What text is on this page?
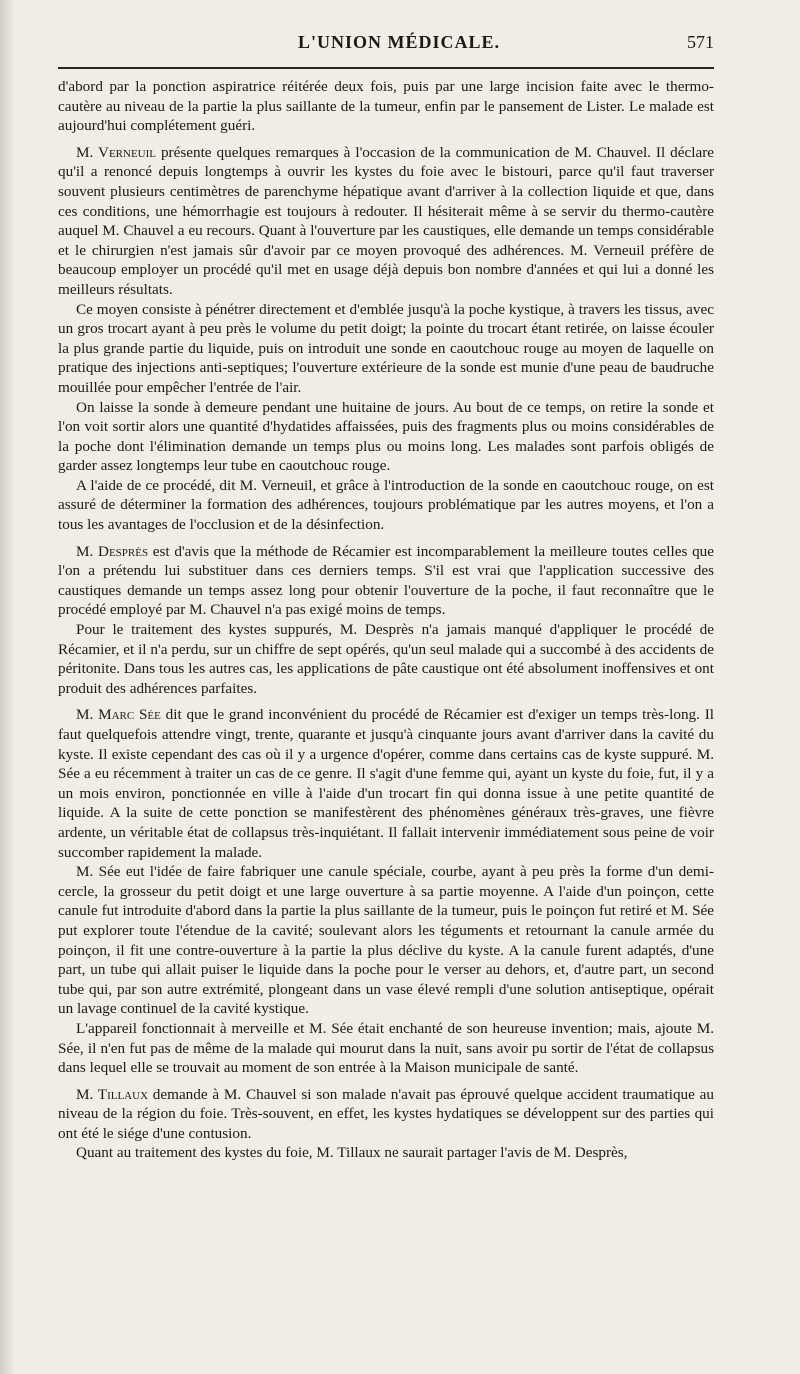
L'UNION MÉDICALE.	571

d'abord par la ponction aspiratrice réitérée deux fois, puis par une large incision faite avec le thermo-cautère au niveau de la partie la plus saillante de la tumeur, enfin par le pansement de Lister. Le malade est aujourd'hui complétement guéri.

M. Verneuil présente quelques remarques à l'occasion de la communication de M. Chauvel. Il déclare qu'il a renoncé depuis longtemps à ouvrir les kystes du foie avec le bistouri, parce qu'il faut traverser souvent plusieurs centimètres de parenchyme hépatique avant d'arriver à la collection liquide et que, dans ces conditions, une hémorrhagie est toujours à redouter. Il hésiterait même à se servir du thermo-cautère auquel M. Chauvel a eu recours. Quant à l'ouverture par les caustiques, elle demande un temps considérable et le chirurgien n'est jamais sûr d'avoir par ce moyen provoqué des adhérences. M. Verneuil préfère de beaucoup employer un procédé qu'il met en usage déjà depuis bon nombre d'années et qui lui a donné les meilleurs résultats.

Ce moyen consiste à pénétrer directement et d'emblée jusqu'à la poche kystique, à travers les tissus, avec un gros trocart ayant à peu près le volume du petit doigt; la pointe du trocart étant retirée, on laisse écouler la plus grande partie du liquide, puis on introduit une sonde en caoutchouc rouge au moyen de laquelle on pratique des injections anti-septiques; l'ouverture extérieure de la sonde est munie d'une peau de baudruche mouillée pour empêcher l'entrée de l'air.

On laisse la sonde à demeure pendant une huitaine de jours. Au bout de ce temps, on retire la sonde et l'on voit sortir alors une quantité d'hydatides affaissées, puis des fragments plus ou moins considérables de la poche dont l'élimination demande un temps plus ou moins long. Les malades sont parfois obligés de garder assez longtemps leur tube en caoutchouc rouge.

A l'aide de ce procédé, dit M. Verneuil, et grâce à l'introduction de la sonde en caoutchouc rouge, on est assuré de déterminer la formation des adhérences, toujours problématique par les autres moyens, et l'on a tous les avantages de l'occlusion et de la désinfection.

M. Desprès est d'avis que la méthode de Récamier est incomparablement la meilleure toutes celles que l'on a prétendu lui substituer dans ces derniers temps. S'il est vrai que l'application successive des caustiques demande un temps assez long pour obtenir l'ouverture de la poche, il faut reconnaître que le procédé employé par M. Chauvel n'a pas exigé moins de temps.

Pour le traitement des kystes suppurés, M. Desprès n'a jamais manqué d'appliquer le procédé de Récamier, et il n'a perdu, sur un chiffre de sept opérés, qu'un seul malade qui a succombé à des accidents de péritonite. Dans tous les autres cas, les applications de pâte caustique ont été absolument inoffensives et ont produit des adhérences parfaites.

M. Marc Sée dit que le grand inconvénient du procédé de Récamier est d'exiger un temps très-long. Il faut quelquefois attendre vingt, trente, quarante et jusqu'à cinquante jours avant d'arriver dans la cavité du kyste. Il existe cependant des cas où il y a urgence d'opérer, comme dans certains cas de kyste suppuré. M. Sée a eu récemment à traiter un cas de ce genre. Il s'agit d'une femme qui, ayant un kyste du foie, fut, il y a un mois environ, ponctionnée en ville à l'aide d'un trocart fin qui donna issue à une petite quantité de liquide. A la suite de cette ponction se manifestèrent des phénomènes généraux très-graves, une fièvre ardente, un véritable état de collapsus très-inquiétant. Il fallait intervenir immédiatement sous peine de voir succomber rapidement la malade.

M. Sée eut l'idée de faire fabriquer une canule spéciale, courbe, ayant à peu près la forme d'un demi-cercle, la grosseur du petit doigt et une large ouverture à sa partie moyenne. A l'aide d'un poinçon, cette canule fut introduite d'abord dans la partie la plus saillante de la tumeur, puis le poinçon fut retiré et M. Sée put explorer toute l'étendue de la cavité; soulevant alors les téguments et retournant la canule armée du poinçon, il fit une contre-ouverture à la partie la plus déclive du kyste. A la canule furent adaptés, d'une part, un tube qui allait puiser le liquide dans la poche pour le verser au dehors, et, d'autre part, un second tube qui, par son autre extrémité, plongeant dans un vase élevé rempli d'une solution antiseptique, opérait un lavage continuel de la cavité kystique.

L'appareil fonctionnait à merveille et M. Sée était enchanté de son heureuse invention; mais, ajoute M. Sée, il n'en fut pas de même de la malade qui mourut dans la nuit, sans avoir pu sortir de l'état de collapsus dans lequel elle se trouvait au moment de son entrée à la Maison municipale de santé.

M. Tillaux demande à M. Chauvel si son malade n'avait pas éprouvé quelque accident traumatique au niveau de la région du foie. Très-souvent, en effet, les kystes hydatiques se développent sur des parties qui ont été le siége d'une contusion.

Quant au traitement des kystes du foie, M. Tillaux ne saurait partager l'avis de M. Desprès,
